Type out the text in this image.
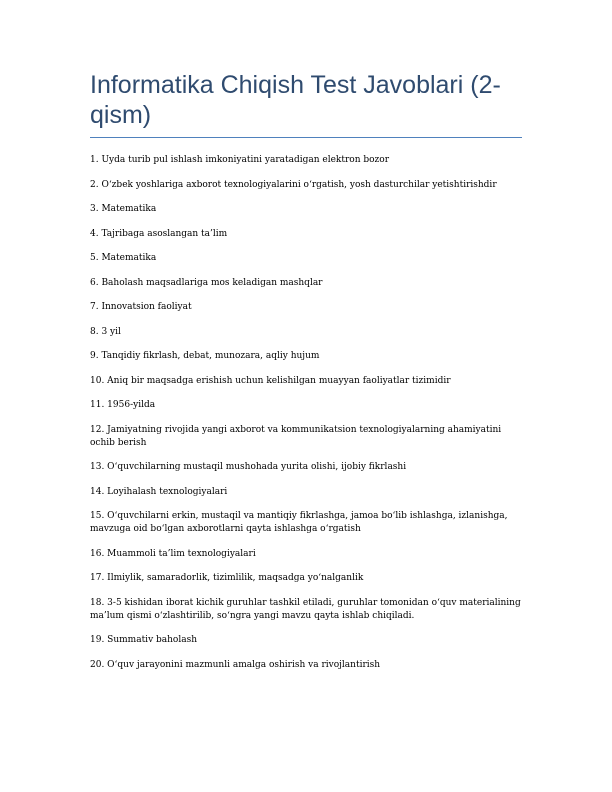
Informatika Chiqish Test Javoblari (2-qism)

1. Uyda turib pul ishlash imkoniyatini yaratadigan elektron bozor

2. O‘zbek yoshlariga axborot texnologiyalarini o‘rgatish, yosh dasturchilar yetishtirishdir

3. Matematika

4. Tajribaga asoslangan ta’lim

5. Matematika

6. Baholash maqsadlariga mos keladigan mashqlar

7. Innovatsion faoliyat

8. 3 yil

9. Tanqidiy fikrlash, debat, munozara, aqliy hujum

10. Aniq bir maqsadga erishish uchun kelishilgan muayyan faoliyatlar tizimidir

11. 1956-yilda

12. Jamiyatning rivojida yangi axborot va kommunikatsion texnologiyalarning ahamiyatini ochib berish

13. O‘quvchilarning mustaqil mushohada yurita olishi, ijobiy fikrlashi

14. Loyihalash texnologiyalari

15. O‘quvchilarni erkin, mustaqil va mantiqiy fikrlashga, jamoa bo‘lib ishlashga, izlanishga, mavzuga oid bo‘lgan axborotlarni qayta ishlashga o‘rgatish

16. Muammoli ta’lim texnologiyalari

17. Ilmiylik, samaradorlik, tizimlilik, maqsadga yo‘nalganlik

18. 3-5 kishidan iborat kichik guruhlar tashkil etiladi, guruhlar tomonidan o‘quv materialining ma’lum qismi o‘zlashtirilib, so‘ngra yangi mavzu qayta ishlab chiqiladi.

19. Summativ baholash

20. O‘quv jarayonini mazmunli amalga oshirish va rivojlantirish
